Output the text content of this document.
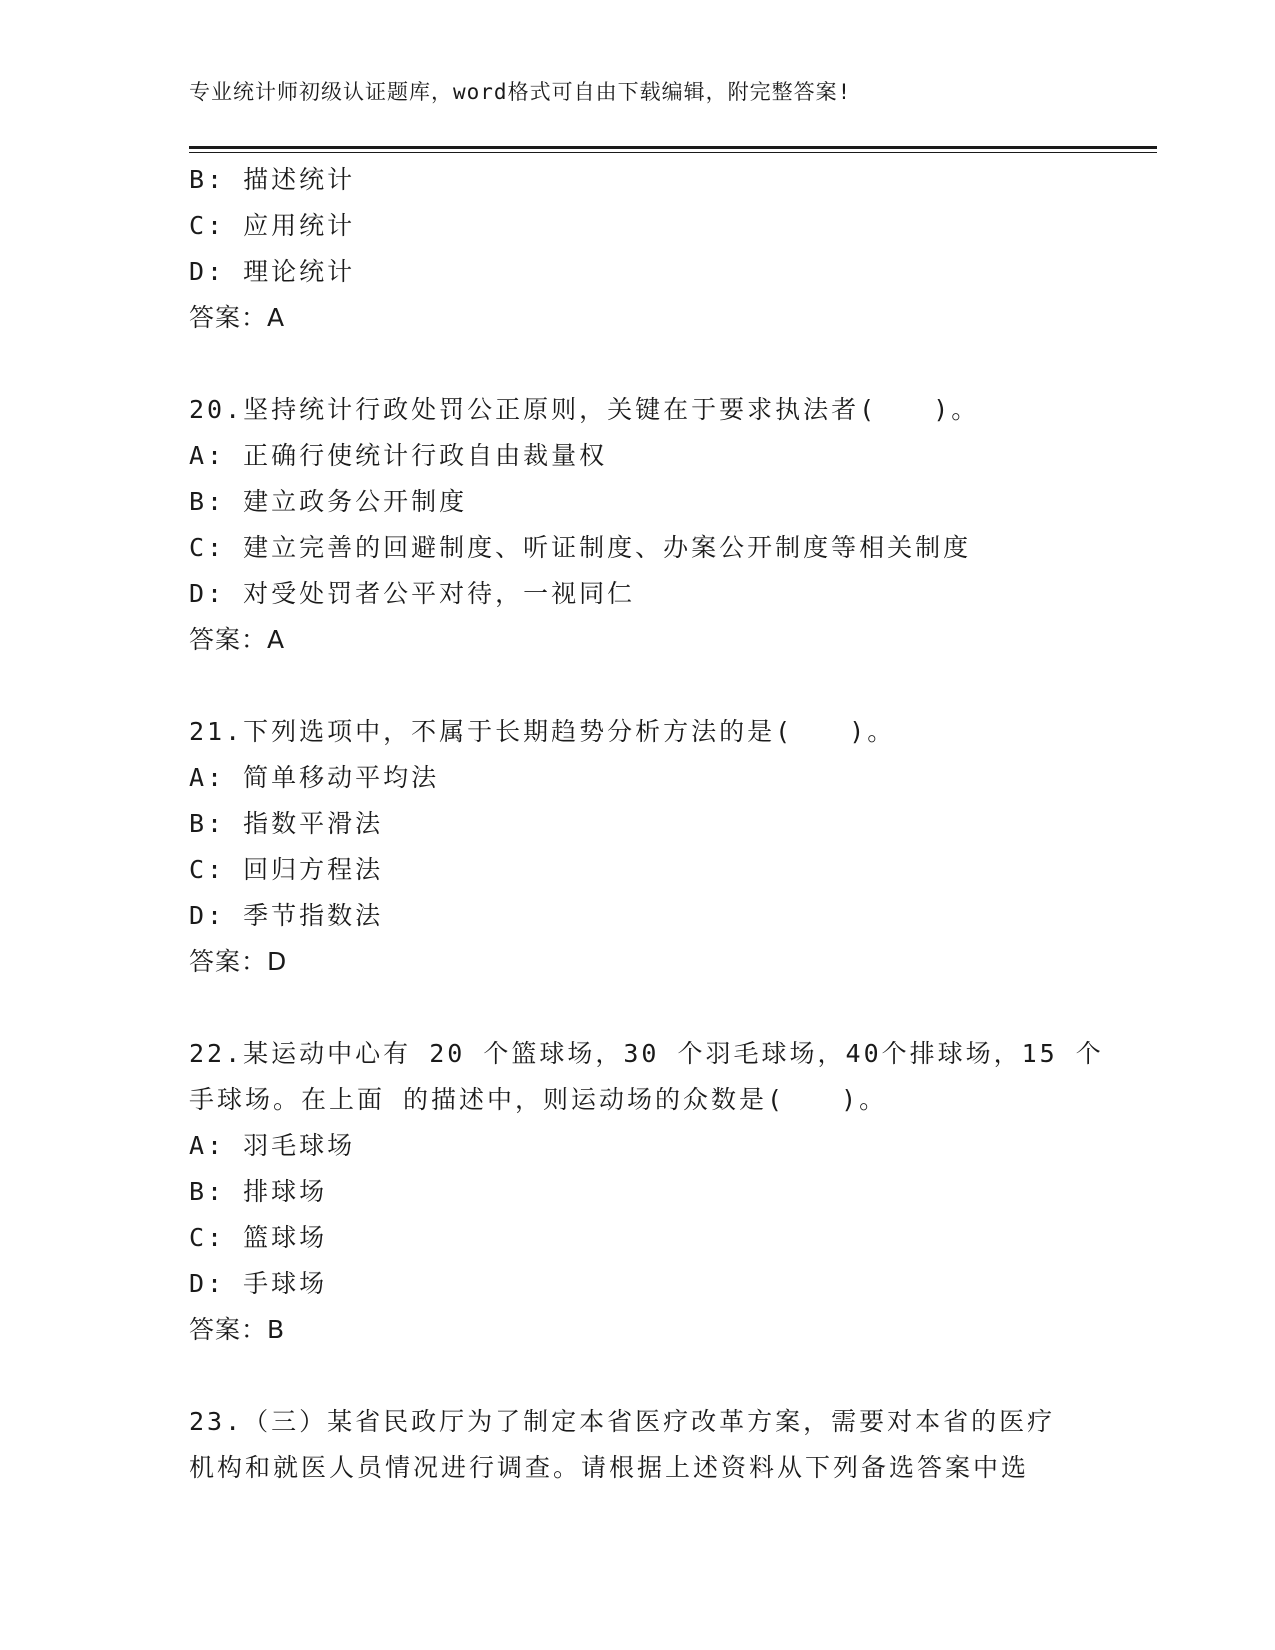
专业统计师初级认证题库，word格式可自由下载编辑，附完整答案!
B: 描述统计
C: 应用统计
D: 理论统计
答案：A
20.坚持统计行政处罚公正原则，关键在于要求执法者(　　)。
A: 正确行使统计行政自由裁量权
B: 建立政务公开制度
C: 建立完善的回避制度、听证制度、办案公开制度等相关制度
D: 对受处罚者公平对待，一视同仁
答案：A
21.下列选项中，不属于长期趋势分析方法的是(　　)。
A: 简单移动平均法
B: 指数平滑法
C: 回归方程法
D: 季节指数法
答案：D
22.某运动中心有 20 个篮球场，30 个羽毛球场，40个排球场，15 个
手球场。在上面 的描述中，则运动场的众数是(　　)。
A: 羽毛球场
B: 排球场
C: 篮球场
D: 手球场
答案：B
23.（三）某省民政厅为了制定本省医疗改革方案，需要对本省的医疗
机构和就医人员情况进行调查。请根据上述资料从下列备选答案中选
